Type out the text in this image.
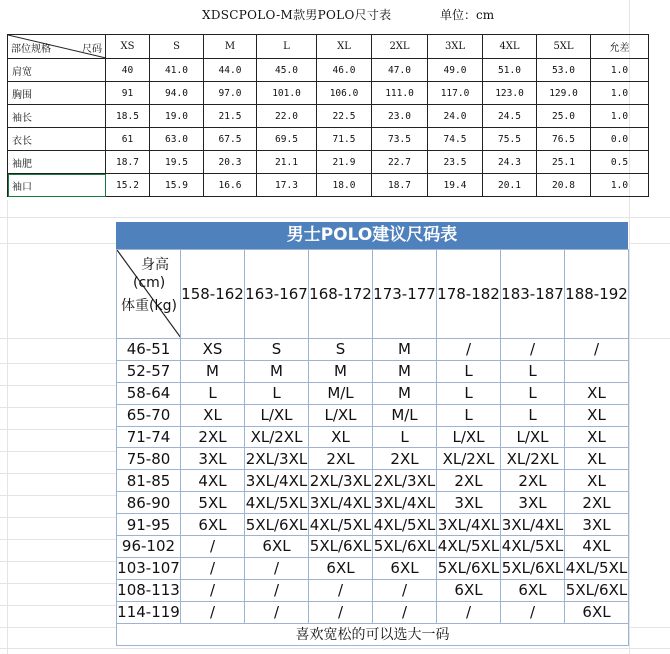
XDSCPOLO-M款男POLO尺寸表	单位：cm
部位规格 尺码	XS	S	M	L	XL	2XL	3XL	4XL	5XL	允差
肩宽	40	41.0	44.0	45.0	46.0	47.0	49.0	51.0	53.0	1.0
胸围	91	94.0	97.0	101.0	106.0	111.0	117.0	123.0	129.0	1.0
袖长	18.5	19.0	21.5	22.0	22.5	23.0	24.0	24.5	25.0	1.0
衣长	61	63.0	67.5	69.5	71.5	73.5	74.5	75.5	76.5	0.0
袖肥	18.7	19.5	20.3	21.1	21.9	22.7	23.5	24.3	25.1	0.5
袖口	15.2	15.9	16.6	17.3	18.0	18.7	19.4	20.1	20.8	1.0
男士POLO建议尺码表
身高
(cm)
体重(kg)	158-162	163-167	168-172	173-177	178-182	183-187	188-192
46-51	XS	S	S	M	/	/	/
52-57	M	M	M	M	L	L	
58-64	L	L	M/L	M	L	L	XL
65-70	XL	L/XL	L/XL	M/L	L	L	XL
71-74	2XL	XL/2XL	XL	L	L/XL	L/XL	XL
75-80	3XL	2XL/3XL	2XL	2XL	XL/2XL	XL/2XL	XL
81-85	4XL	3XL/4XL	2XL/3XL	2XL/3XL	2XL	2XL	XL
86-90	5XL	4XL/5XL	3XL/4XL	3XL/4XL	3XL	3XL	2XL
91-95	6XL	5XL/6XL	4XL/5XL	4XL/5XL	3XL/4XL	3XL/4XL	3XL
96-102	/	6XL	5XL/6XL	5XL/6XL	4XL/5XL	4XL/5XL	4XL
103-107	/	/	6XL	6XL	5XL/6XL	5XL/6XL	4XL/5XL
108-113	/	/	/	/	6XL	6XL	5XL/6XL
114-119	/	/	/	/	/	/	6XL
喜欢宽松的可以选大一码							
